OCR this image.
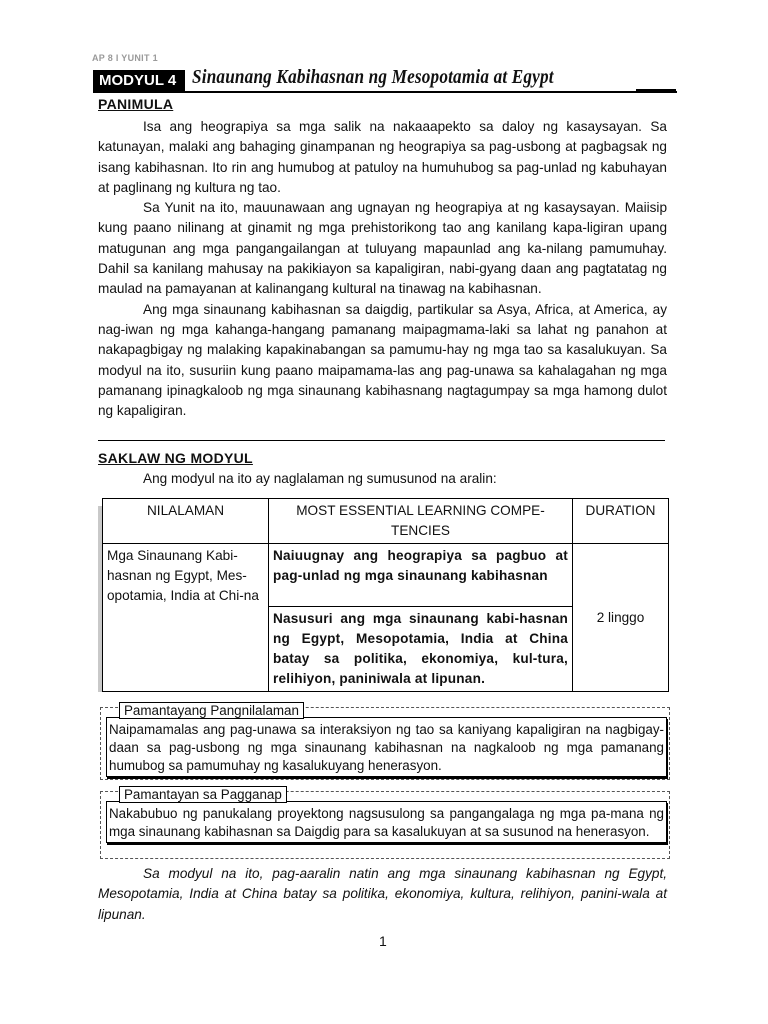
AP 8 I YUNIT 1
MODYUL 4 Sinaunang Kabihasnan ng Mesopotamia at Egypt
PANIMULA

Isa ang heograpiya sa mga salik na nakaaapekto sa daloy ng kasaysayan. Sa katunayan, malaki ang bahaging ginampanan ng heograpiya sa pag-usbong at pagbagsak ng isang kabihasnan. Ito rin ang humubog at patuloy na humuhubog sa pag-unlad ng kabuhayan at paglinang ng kultura ng tao.

Sa Yunit na ito, mauunawaan ang ugnayan ng heograpiya at ng kasaysayan. Maiisip kung paano nilinang at ginamit ng mga prehistorikong tao ang kanilang kapa-ligiran upang matugunan ang mga pangangailangan at tuluyang mapaunlad ang ka-nilang pamumuhay. Dahil sa kanilang mahusay na pakikiayon sa kapaligiran, nabi-gyang daan ang pagtatatag ng maulad na pamayanan at kalinangang kultural na tinawag na kabihasnan.

Ang mga sinaunang kabihasnan sa daigdig, partikular sa Asya, Africa, at America, ay nag-iwan ng mga kahanga-hangang pamanang maipagmama-laki sa lahat ng panahon at nakapagbigay ng malaking kapakinabangan sa pamumu-hay ng mga tao sa kasalukuyan. Sa modyul na ito, susuriin kung paano maipamama-las ang pag-unawa sa kahalagahan ng mga pamanang ipinagkaloob ng mga sinaunang kabihasnang nagtagumpay sa mga hamong dulot ng kapaligiran.

SAKLAW NG MODYUL
Ang modyul na ito ay naglalaman ng sumusunod na aralin:
NILALAMAN	MOST ESSENTIAL LEARNING COMPE-TENCIES	DURATION
Mga Sinaunang Kabi-hasnan ng Egypt, Mes-opotamia, India at Chi-na	Naiuugnay ang heograpiya sa pagbuo at pag-unlad ng mga sinaunang kabihasnan	2 linggo
	Nasusuri ang mga sinaunang kabi-hasnan ng Egypt, Mesopotamia, India at China batay sa politika, ekonomiya, kul-tura, relihiyon, paniniwala at lipunan.	
Naipamamalas ang pag-unawa sa interaksiyon ng tao sa kaniyang kapaligiran na nagbigay-daan sa pag-usbong ng mga sinaunang kabihasnan na nagkaloob ng mga pamanang humubog sa pamumuhay ng kasalukuyang henerasyon.
Pamantayang Pangnilalaman
Nakabubuo ng panukalang proyektong nagsusulong sa pangangalaga ng mga pa-mana ng mga sinaunang kabihasnan sa Daigdig para sa kasalukuyan at sa susunod na henerasyon.
Pamantayan sa Pagganap
Sa modyul na ito, pag-aaralin natin ang mga sinaunang kabihasnan ng Egypt, Mesopotamia, India at China batay sa politika, ekonomiya, kultura, relihiyon, panini-wala at lipunan.
1
